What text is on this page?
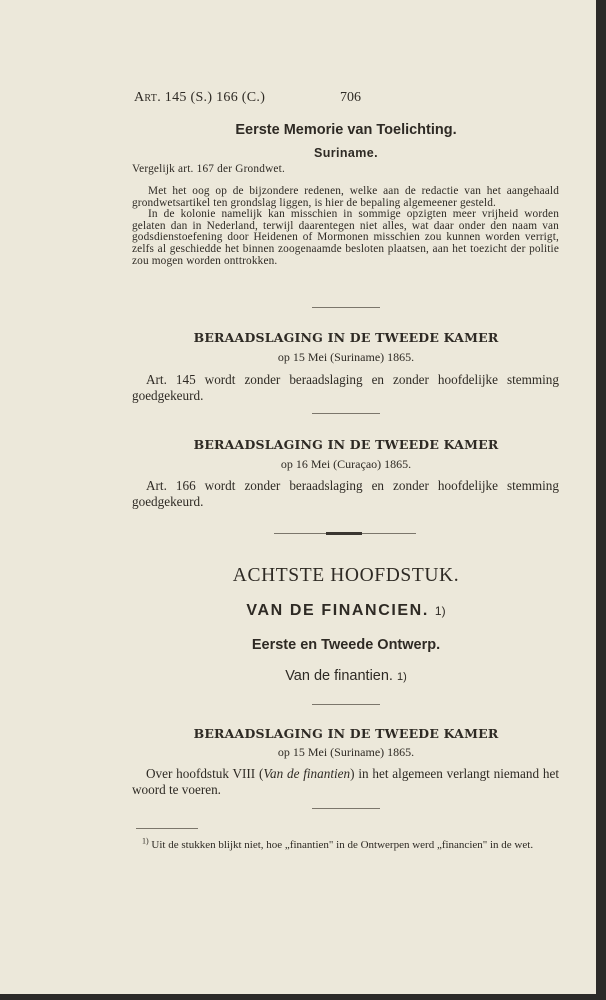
Art. 145 (S.) 166 (C.)	706
Eerste Memorie van Toelichting.
Suriname.
Vergelijk art. 167 der Grondwet.

Met het oog op de bijzondere redenen, welke aan de redactie van het aangehaald grondwetsartikel ten grondslag liggen, is hier de bepaling algemeener gesteld.

In de kolonie namelijk kan misschien in sommige opzigten meer vrijheid worden gelaten dan in Nederland, terwijl daarentegen niet alles, wat daar onder den naam van godsdienstoefening door Heidenen of Mormonen misschien zou kunnen worden verrigt, zelfs al geschiedde het binnen zoogenaamde besloten plaatsen, aan het toezicht der politie zou mogen worden onttrokken.

BERAADSLAGING IN DE TWEEDE KAMER
op 15 Mei (Suriname) 1865.
Art. 145 wordt zonder beraadslaging en zonder hoofdelijke stemming goedgekeurd.
BERAADSLAGING IN DE TWEEDE KAMER
op 16 Mei (Curaçao) 1865.
Art. 166 wordt zonder beraadslaging en zonder hoofdelijke stemming goedgekeurd.
ACHTSTE HOOFDSTUK.
VAN DE FINANCIEN. 1)
Eerste en Tweede Ontwerp.
Van de finantien. 1)
BERAADSLAGING IN DE TWEEDE KAMER
op 15 Mei (Suriname) 1865.
Over hoofdstuk VIII (Van de finantien) in het algemeen verlangt niemand het woord te voeren.
$^{1)}$ Uit de stukken blijkt niet, hoe „finantien" in de Ontwerpen werd „financien" in de wet.
